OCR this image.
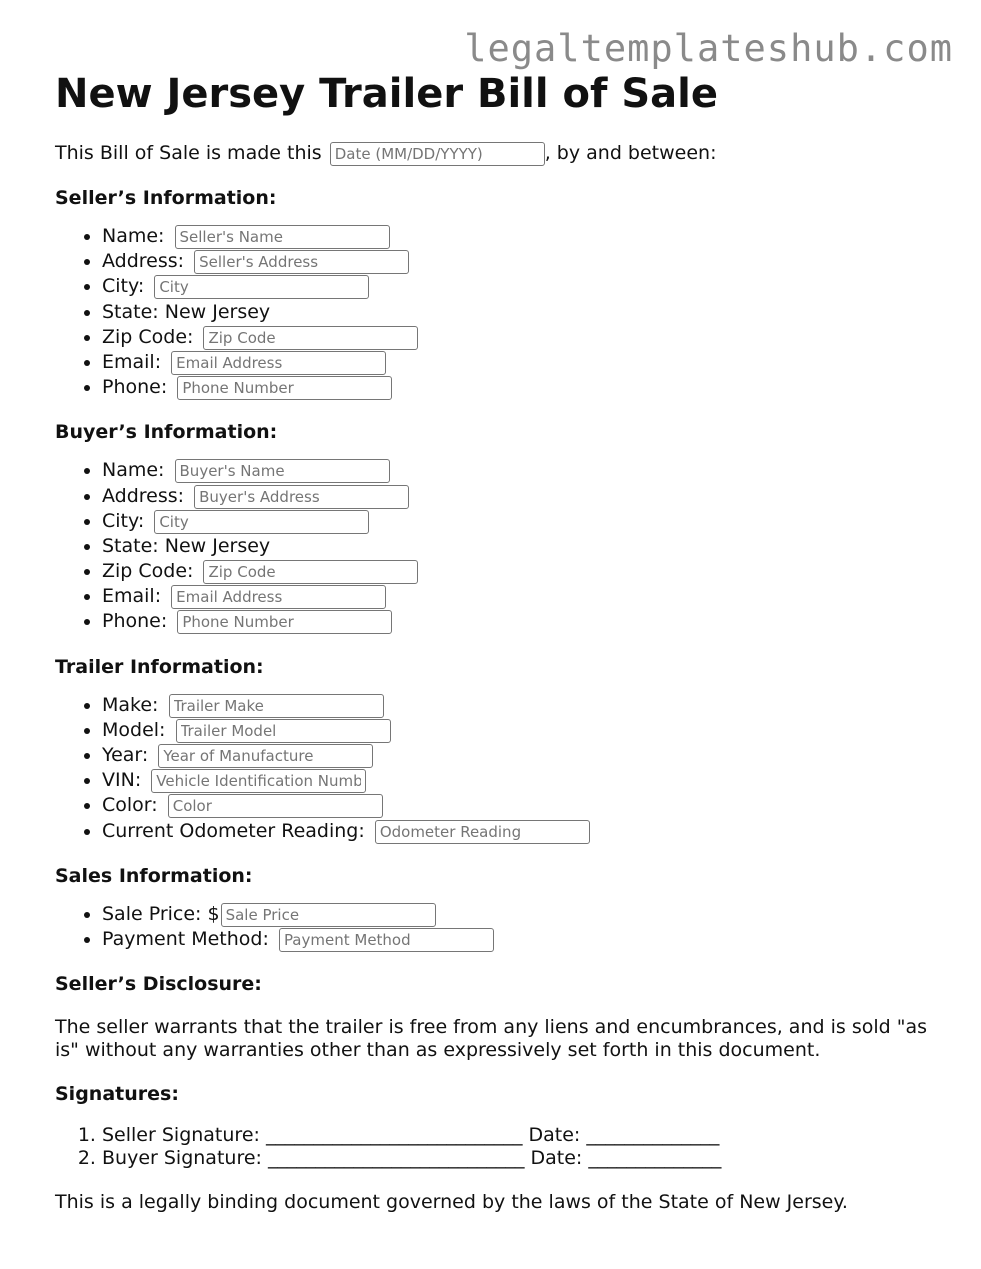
legaltemplateshub.com
New Jersey Trailer Bill of Sale
This Bill of Sale is made this Date (MM/DD/YYYY)	, by and between:
Seller’s Information:
• Name: Seller's Name
• Address: Seller's Address
• City: City
• State: New Jersey
• Zip Code: Zip Code
• Email: Email Address
• Phone: Phone Number
Buyer’s Information:
• Name: Buyer's Name
• Address: Buyer's Address
• City: City
• State: New Jersey
• Zip Code: Zip Code
• Email: Email Address
• Phone: Phone Number
Trailer Information:
• Make: Trailer Make
• Model: Trailer Model
• Year: Year of Manufacture
• VIN: Vehicle Identification Number
• Color: Color
• Current Odometer Reading: Odometer Reading
Sales Information:
• Sale Price: $Sale Price
• Payment Method: Payment Method
Seller’s Disclosure:

The seller warrants that the trailer is free from any liens and encumbrances, and is sold "as is" without any warranties other than as expressively set forth in this document.

Signatures:
1. Seller Signature: ___________________________ Date: ______________
2. Buyer Signature: ___________________________ Date: ______________

This is a legally binding document governed by the laws of the State of New Jersey.
